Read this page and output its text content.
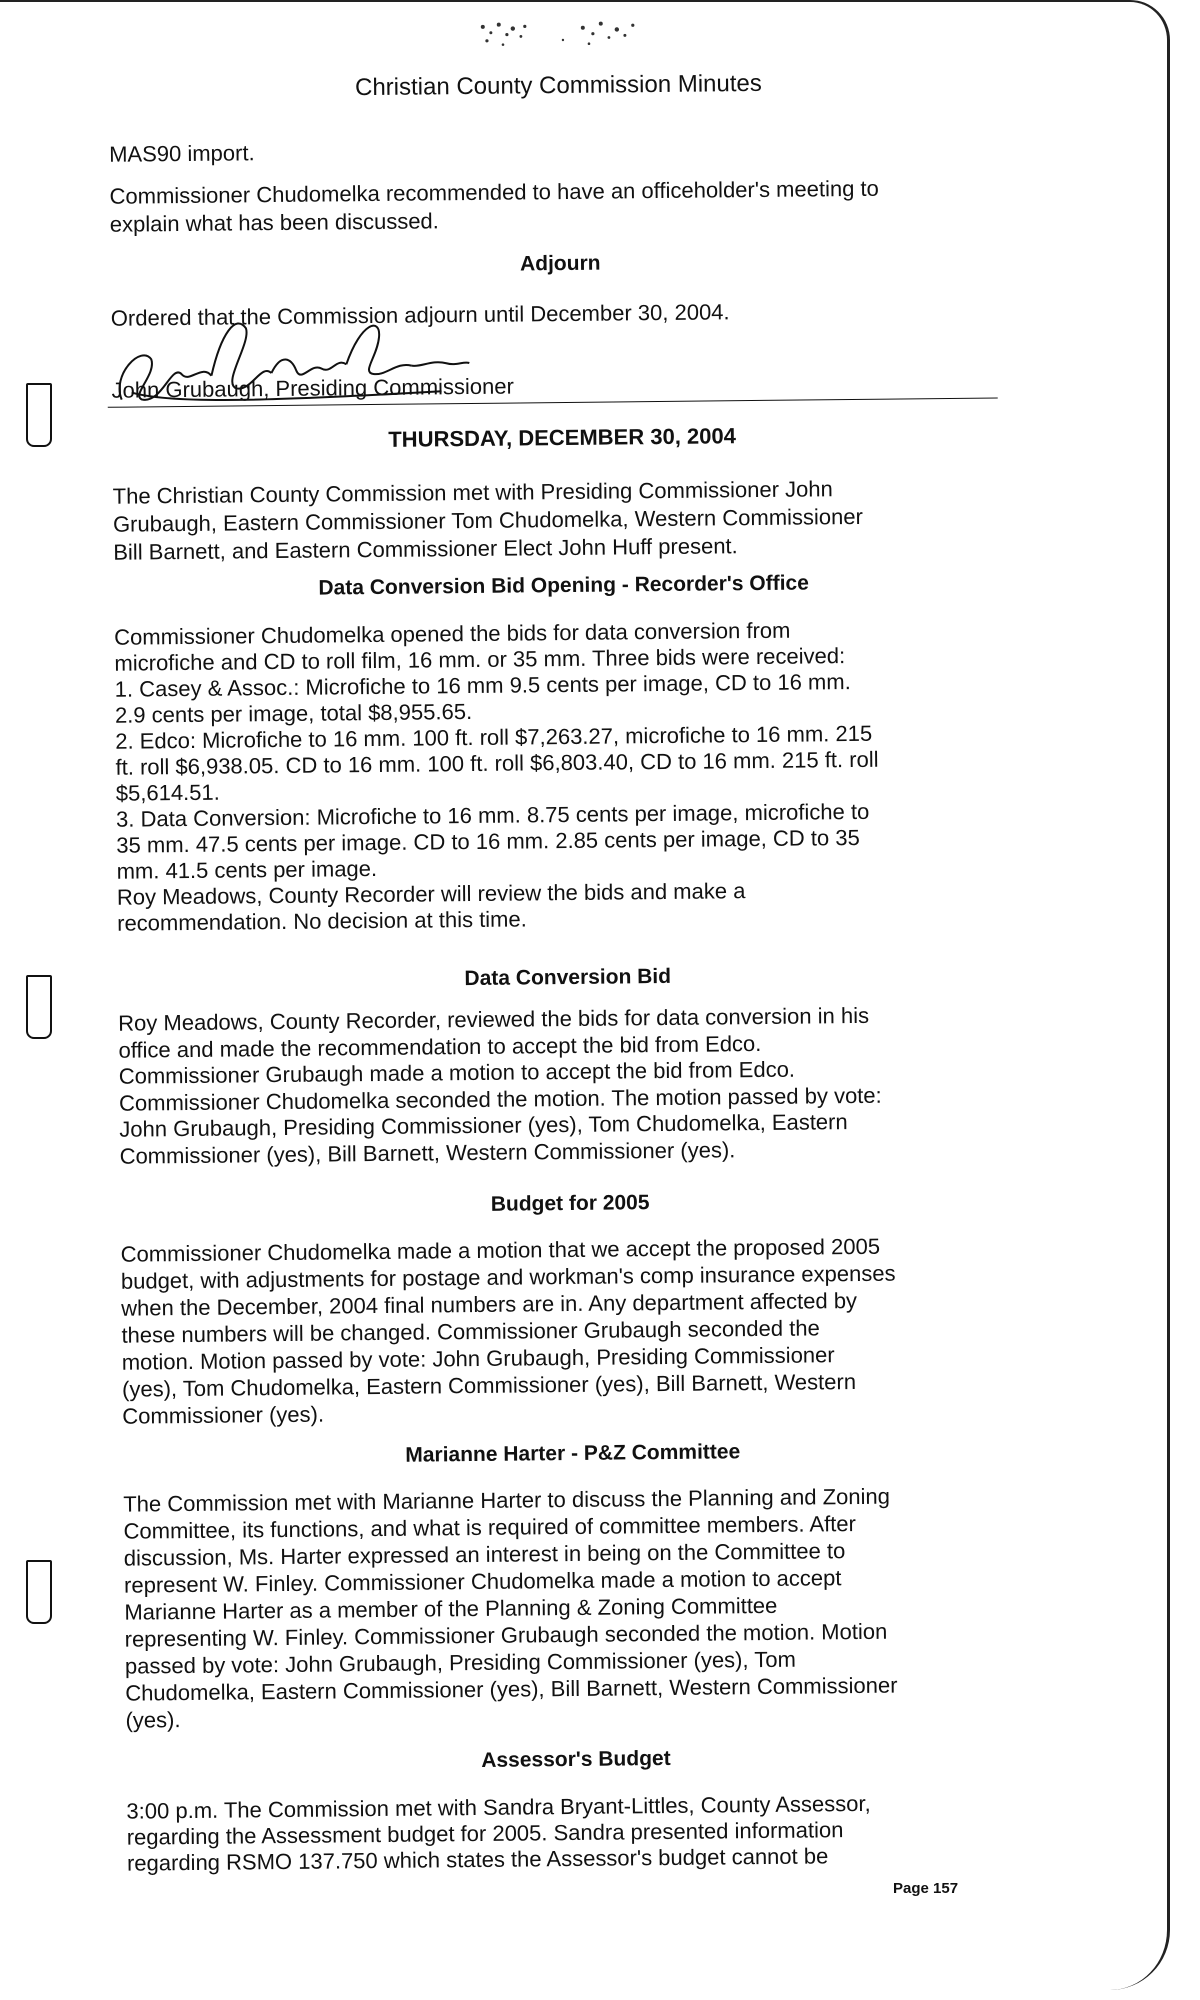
Christian County Commission Minutes
MAS90 import.
Commissioner Chudomelka recommended to have an officeholder's meeting to
explain what has been discussed.
Adjourn
Ordered that the Commission adjourn until December 30, 2004.
John Grubaugh, Presiding Commissioner
THURSDAY, DECEMBER 30, 2004
The Christian County Commission met with Presiding Commissioner John
Grubaugh, Eastern Commissioner Tom Chudomelka, Western Commissioner
Bill Barnett, and Eastern Commissioner Elect John Huff present.
Data Conversion Bid Opening - Recorder's Office
Commissioner Chudomelka opened the bids for data conversion from
microfiche and CD to roll film, 16 mm. or 35 mm. Three bids were received:
1. Casey & Assoc.: Microfiche to 16 mm 9.5 cents per image, CD to 16 mm.
2.9 cents per image, total $8,955.65.
2. Edco: Microfiche to 16 mm. 100 ft. roll $7,263.27, microfiche to 16 mm. 215
ft. roll $6,938.05. CD to 16 mm. 100 ft. roll $6,803.40, CD to 16 mm. 215 ft. roll
$5,614.51.
3. Data Conversion: Microfiche to 16 mm. 8.75 cents per image, microfiche to
35 mm. 47.5 cents per image. CD to 16 mm. 2.85 cents per image, CD to 35
mm. 41.5 cents per image.
Roy Meadows, County Recorder will review the bids and make a
recommendation. No decision at this time.
Data Conversion Bid
Roy Meadows, County Recorder, reviewed the bids for data conversion in his
office and made the recommendation to accept the bid from Edco.
Commissioner Grubaugh made a motion to accept the bid from Edco.
Commissioner Chudomelka seconded the motion. The motion passed by vote:
John Grubaugh, Presiding Commissioner (yes), Tom Chudomelka, Eastern
Commissioner (yes), Bill Barnett, Western Commissioner (yes).
Budget for 2005
Commissioner Chudomelka made a motion that we accept the proposed 2005
budget, with adjustments for postage and workman's comp insurance expenses
when the December, 2004 final numbers are in. Any department affected by
these numbers will be changed. Commissioner Grubaugh seconded the
motion. Motion passed by vote: John Grubaugh, Presiding Commissioner
(yes), Tom Chudomelka, Eastern Commissioner (yes), Bill Barnett, Western
Commissioner (yes).
Marianne Harter - P&Z Committee
The Commission met with Marianne Harter to discuss the Planning and Zoning
Committee, its functions, and what is required of committee members. After
discussion, Ms. Harter expressed an interest in being on the Committee to
represent W. Finley. Commissioner Chudomelka made a motion to accept
Marianne Harter as a member of the Planning & Zoning Committee
representing W. Finley. Commissioner Grubaugh seconded the motion. Motion
passed by vote: John Grubaugh, Presiding Commissioner (yes), Tom
Chudomelka, Eastern Commissioner (yes), Bill Barnett, Western Commissioner
(yes).
Assessor's Budget
3:00 p.m. The Commission met with Sandra Bryant-Littles, County Assessor,
regarding the Assessment budget for 2005. Sandra presented information
regarding RSMO 137.750 which states the Assessor's budget cannot be
Page 157
